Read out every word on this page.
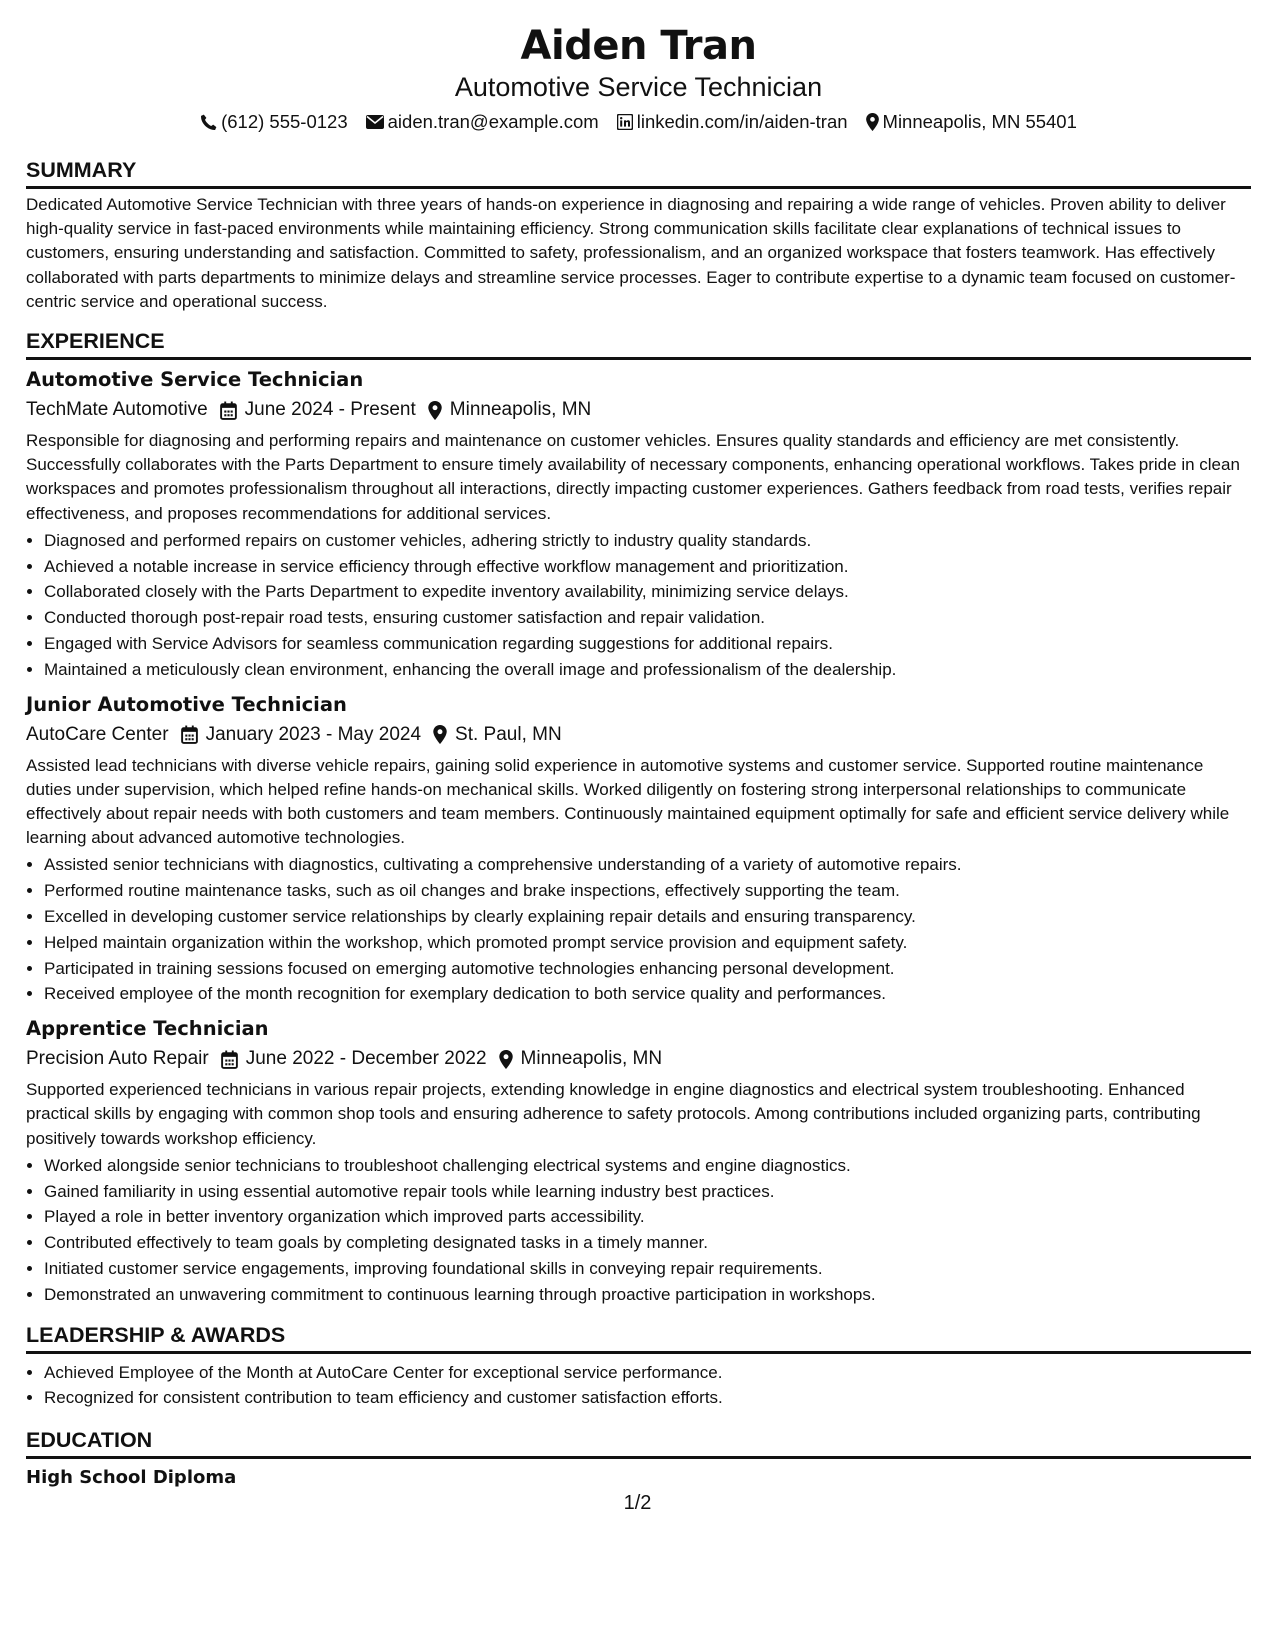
Aiden Tran
Automotive Service Technician
(612) 555-0123 aiden.tran@example.com linkedin.com/in/aiden-tran Minneapolis, MN 55401
SUMMARY

Dedicated Automotive Service Technician with three years of hands-on experience in diagnosing and repairing a wide range of vehicles. Proven ability to deliver high-quality service in fast-paced environments while maintaining efficiency. Strong communication skills facilitate clear explanations of technical issues to customers, ensuring understanding and satisfaction. Committed to safety, professionalism, and an organized workspace that fosters teamwork. Has effectively collaborated with parts departments to minimize delays and streamline service processes. Eager to contribute expertise to a dynamic team focused on customer-centric service and operational success.

EXPERIENCE
Automotive Service Technician
TechMate Automotive June 2024 - Present Minneapolis, MN

Responsible for diagnosing and performing repairs and maintenance on customer vehicles. Ensures quality standards and efficiency are met consistently. Successfully collaborates with the Parts Department to ensure timely availability of necessary components, enhancing operational workflows. Takes pride in clean workspaces and promotes professionalism throughout all interactions, directly impacting customer experiences. Gathers feedback from road tests, verifies repair effectiveness, and proposes recommendations for additional services.

• Diagnosed and performed repairs on customer vehicles, adhering strictly to industry quality standards.
• Achieved a notable increase in service efficiency through effective workflow management and prioritization.
• Collaborated closely with the Parts Department to expedite inventory availability, minimizing service delays.
• Conducted thorough post-repair road tests, ensuring customer satisfaction and repair validation.
• Engaged with Service Advisors for seamless communication regarding suggestions for additional repairs.
• Maintained a meticulously clean environment, enhancing the overall image and professionalism of the dealership.
Junior Automotive Technician
AutoCare Center January 2023 - May 2024 St. Paul, MN

Assisted lead technicians with diverse vehicle repairs, gaining solid experience in automotive systems and customer service. Supported routine maintenance duties under supervision, which helped refine hands-on mechanical skills. Worked diligently on fostering strong interpersonal relationships to communicate effectively about repair needs with both customers and team members. Continuously maintained equipment optimally for safe and efficient service delivery while learning about advanced automotive technologies.

• Assisted senior technicians with diagnostics, cultivating a comprehensive understanding of a variety of automotive repairs.
• Performed routine maintenance tasks, such as oil changes and brake inspections, effectively supporting the team.
• Excelled in developing customer service relationships by clearly explaining repair details and ensuring transparency.
• Helped maintain organization within the workshop, which promoted prompt service provision and equipment safety.
• Participated in training sessions focused on emerging automotive technologies enhancing personal development.
• Received employee of the month recognition for exemplary dedication to both service quality and performances.
Apprentice Technician
Precision Auto Repair June 2022 - December 2022 Minneapolis, MN

Supported experienced technicians in various repair projects, extending knowledge in engine diagnostics and electrical system troubleshooting. Enhanced practical skills by engaging with common shop tools and ensuring adherence to safety protocols. Among contributions included organizing parts, contributing positively towards workshop efficiency.

• Worked alongside senior technicians to troubleshoot challenging electrical systems and engine diagnostics.
• Gained familiarity in using essential automotive repair tools while learning industry best practices.
• Played a role in better inventory organization which improved parts accessibility.
• Contributed effectively to team goals by completing designated tasks in a timely manner.
• Initiated customer service engagements, improving foundational skills in conveying repair requirements.
• Demonstrated an unwavering commitment to continuous learning through proactive participation in workshops.
LEADERSHIP & AWARDS
• Achieved Employee of the Month at AutoCare Center for exceptional service performance.
• Recognized for consistent contribution to team efficiency and customer satisfaction efforts.
EDUCATION
High School Diploma
1/2
